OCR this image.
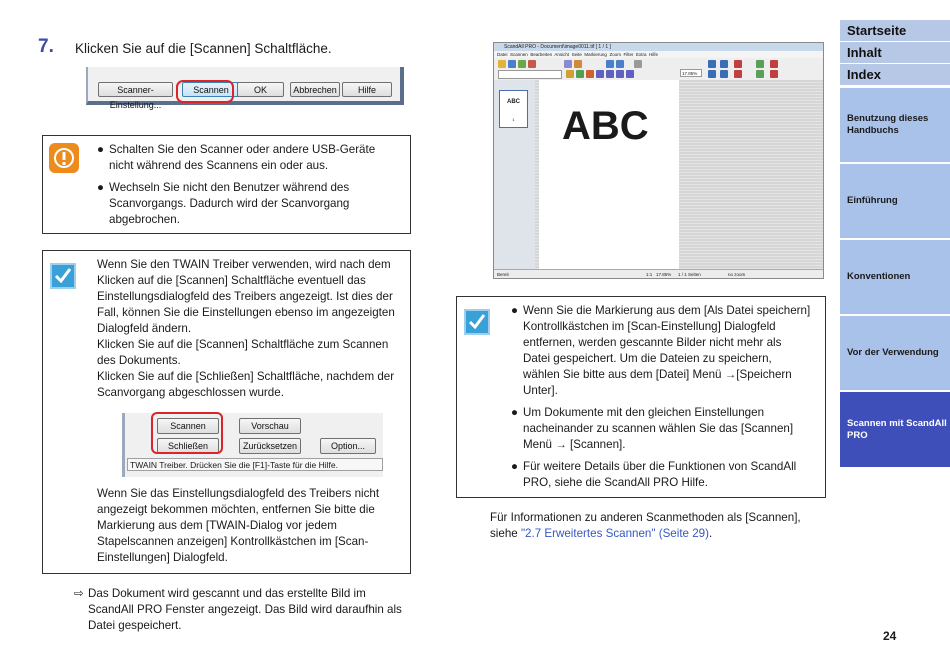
7. Klicken Sie auf die [Scannen] Schaltfläche.
Scanner-Einstellung...
Scannen	OK	Abbrechen	Hilfe
● Schalten Sie den Scanner oder andere USB-Geräte
nicht während des Scannens ein oder aus.
● Wechseln Sie nicht den Benutzer während des
Scanvorgangs. Dadurch wird der Scanvorgang
abgebrochen.
Wenn Sie den TWAIN Treiber verwenden, wird nach dem
Klicken auf die [Scannen] Schaltfläche eventuell das
Einstellungsdialogfeld des Treibers angezeigt. Ist dies der
Fall, können Sie die Einstellungen ebenso im angezeigten
Dialogfeld ändern.
Klicken Sie auf die [Scannen] Schaltfläche zum Scannen
des Dokuments.
Klicken Sie auf die [Schließen] Schaltfläche, nachdem der
Scanvorgang abgeschlossen wurde.
Scannen	Vorschau
Schließen	Zurücksetzen	Option...
TWAIN Treiber. Drücken Sie die [F1]-Taste für die Hilfe.
Wenn Sie das Einstellungsdialogfeld des Treibers nicht
angezeigt bekommen möchten, entfernen Sie bitte die
Markierung aus dem [TWAIN-Dialog vor jedem
Stapelscannen anzeigen] Kontrollkästchen im [Scan-
Einstellungen] Dialogfeld.
⇨ Das Dokument wird gescannt und das erstellte Bild im
ScandAll PRO Fenster angezeigt. Das Bild wird daraufhin als
Datei gespeichert.
ScandAll PRO - Document\image0011.tif [ 1 / 1 ]
Datei Scannen Bearbeiten Ansicht Seite Markierung Zoom Filter Extra Hilfe
17.85%
ABC
1	ABC
Bereit	1:1 17.85% 1 / 1 Seiten	no zoom
● Wenn Sie die Markierung aus dem [Als Datei speichern]
Kontrollkästchen im [Scan-Einstellung] Dialogfeld
entfernen, werden gescannte Bilder nicht mehr als
Datei gespeichert. Um die Dateien zu speichern,
wählen Sie bitte aus dem [Datei] Menü →[Speichern
Unter].
● Um Dokumente mit den gleichen Einstellungen
nacheinander zu scannen wählen Sie das [Scannen]
Menü → [Scannen].
● Für weitere Details über die Funktionen von ScandAll
PRO, siehe die ScandAll PRO Hilfe.
Für Informationen zu anderen Scanmethoden als [Scannen],
siehe "2.7 Erweitertes Scannen" (Seite 29).
Startseite
Inhalt
Index
Benutzung dieses Handbuchs
Einführung
Konventionen
Vor der Verwendung
Scannen mit ScandAll PRO
24
